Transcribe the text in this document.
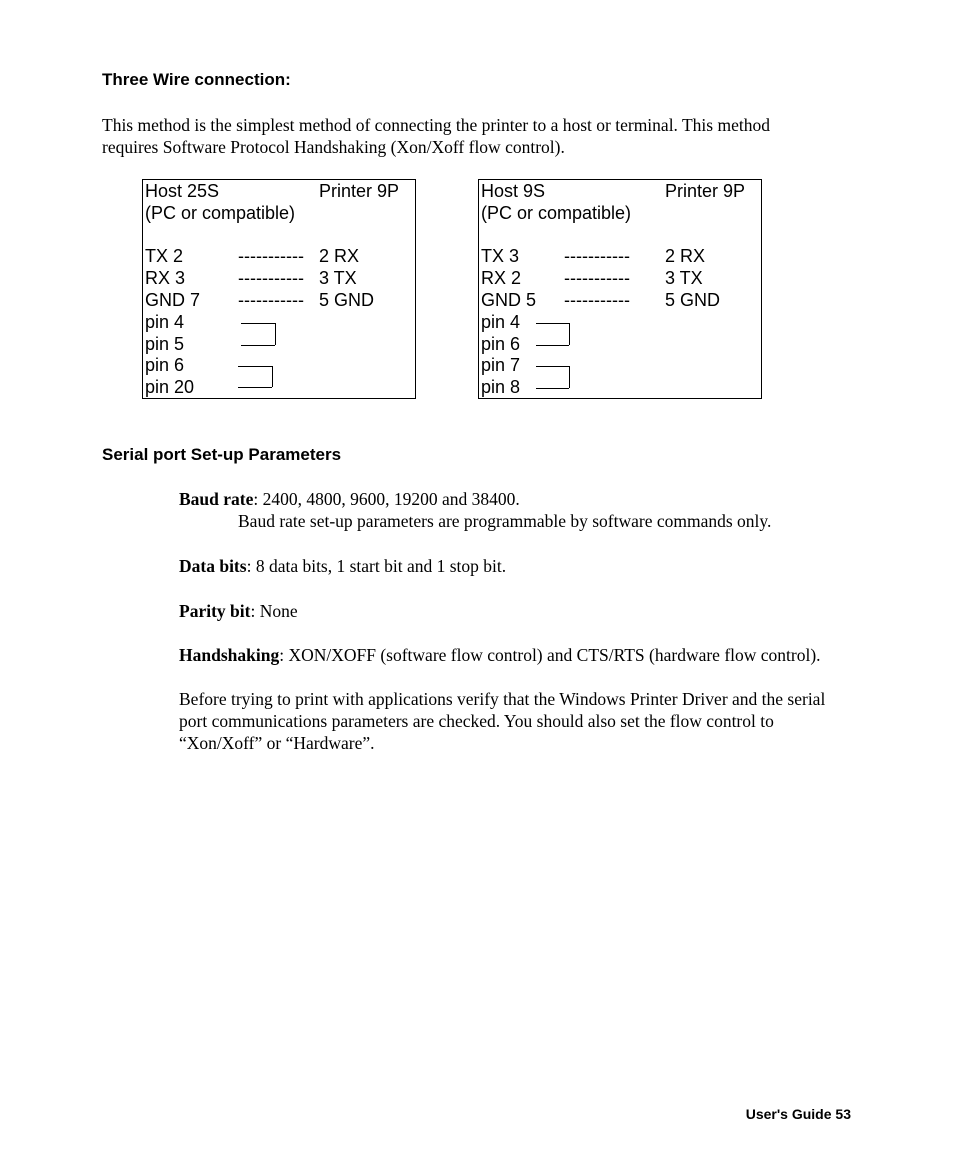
Three Wire connection:
This method is the simplest method of connecting the printer to a host or terminal. This method
requires Software Protocol Handshaking (Xon/Xoff flow control).
Host 25S	Printer 9P
(PC or compatible)
TX 2	----------- 2 RX
RX 3	----------- 3 TX
GND 7 ----------- 5 GND
pin 4
pin 5
pin 6
pin 20
Host 9S	Printer 9P
(PC or compatible)
TX 3 ----------- 2 RX
RX 2 ----------- 3 TX
GND 5 ----------- 5 GND
pin 4
pin 6
pin 7
pin 8
Serial port Set-up Parameters
Baud rate: 2400, 4800, 9600, 19200 and 38400.
Baud rate set-up parameters are programmable by software commands only.
Data bits: 8 data bits, 1 start bit and 1 stop bit.
Parity bit: None
Handshaking: XON/XOFF (software flow control) and CTS/RTS (hardware flow control).
Before trying to print with applications verify that the Windows Printer Driver and the serial
port communications parameters are checked. You should also set the flow control to
“Xon/Xoff” or “Hardware”.
User's Guide 53
